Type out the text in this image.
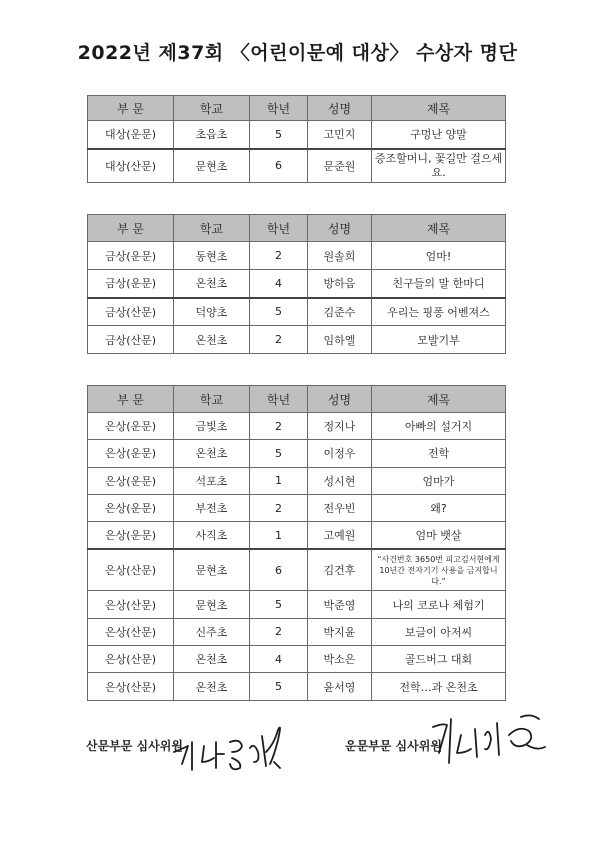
2022년 제37회 〈어린이문예 대상〉 수상자 명단
부 문	학교	학년	성명	제목
대상(운문)	초읍초	5	고민지	구멍난 양말
대상(산문)	문현초	6	문준원	증조할머니, 꽃길만 걸으세요.
부 문	학교	학년	성명	제목
금상(운문)	동현초	2	원솔희	엄마!
금상(운문)	온천초	4	방하음	친구들의 말 한마디
금상(산문)	덕양초	5	김준수	우리는 핑퐁 어벤져스
금상(산문)	온천초	2	임하엘	모발기부
부 문	학교	학년	성명	제목
은상(운문)	금빛초	2	정지나	아빠의 설거지
은상(운문)	온천초	5	이정우	전학
은상(운문)	석포초	1	성시현	엄마가
은상(운문)	부전초	2	전우빈	왜?
은상(운문)	사직초	1	고예원	엄마 뱃살
은상(산문)	문현초	6	김건후	“사건번호 3650번 피고김서현에게 10년간 전자기기 사용을 금지합니다.”
은상(산문)	문현초	5	박준영	나의 코로나 체험기
은상(산문)	신주초	2	박지윤	보글이 아저씨
은상(산문)	온천초	4	박소은	골드버그 대회
은상(산문)	온천초	5	윤서영	전학…과 온천초
산문부문 심사위원	운문부문 심사위원
